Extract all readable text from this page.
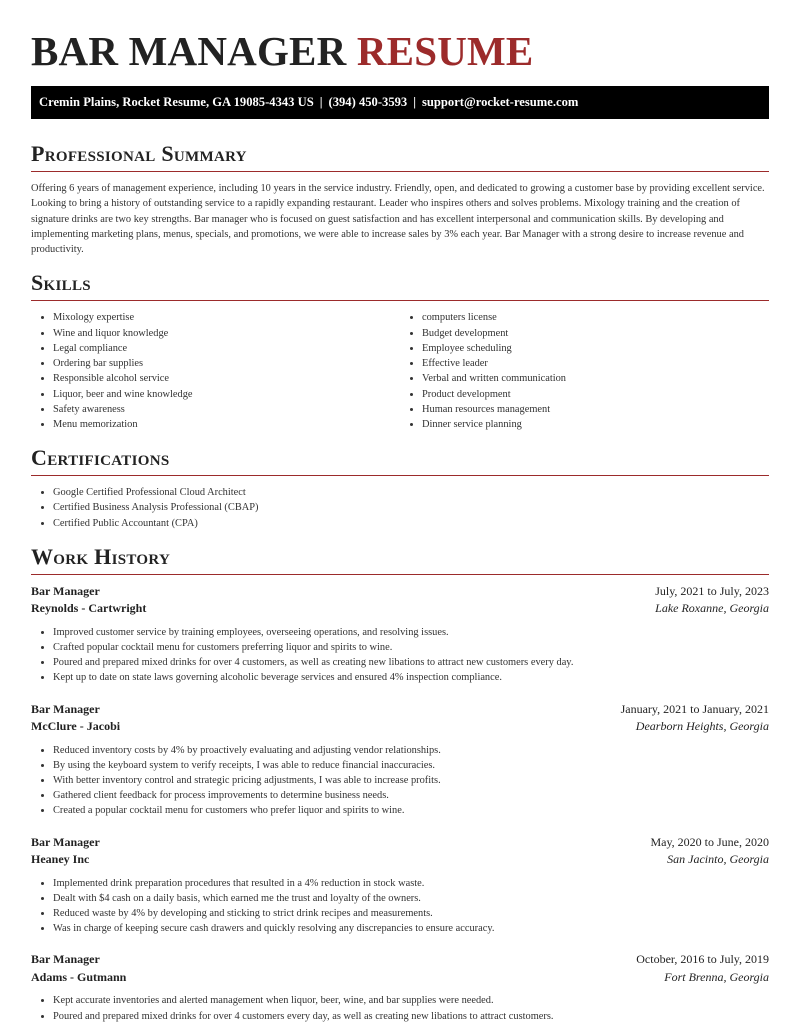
BAR MANAGER RESUME
Cremin Plains, Rocket Resume, GA 19085-4343 US | (394) 450-3593 | support@rocket-resume.com
Professional Summary

Offering 6 years of management experience, including 10 years in the service industry. Friendly, open, and dedicated to growing a customer base by providing excellent service. Looking to bring a history of outstanding service to a rapidly expanding restaurant. Leader who inspires others and solves problems. Mixology training and the creation of signature drinks are two key strengths. Bar manager who is focused on guest satisfaction and has excellent interpersonal and communication skills. By developing and implementing marketing plans, menus, specials, and promotions, we were able to increase sales by 3% each year. Bar Manager with a strong desire to increase revenue and productivity.

Skills
• Mixology expertise
• Wine and liquor knowledge
• Legal compliance
• Ordering bar supplies
• Responsible alcohol service
• Liquor, beer and wine knowledge
• Safety awareness
• Menu memorization
• computers license
• Budget development
• Employee scheduling
• Effective leader
• Verbal and written communication
• Product development
• Human resources management
• Dinner service planning
Certifications
• Google Certified Professional Cloud Architect
• Certified Business Analysis Professional (CBAP)
• Certified Public Accountant (CPA)
Work History
Bar Manager	July, 2021 to July, 2023
Reynolds - Cartwright	Lake Roxanne, Georgia
• Improved customer service by training employees, overseeing operations, and resolving issues.
• Crafted popular cocktail menu for customers preferring liquor and spirits to wine.
• Poured and prepared mixed drinks for over 4 customers, as well as creating new libations to attract new customers every day.
• Kept up to date on state laws governing alcoholic beverage services and ensured 4% inspection compliance.
Bar Manager	January, 2021 to January, 2021
McClure - Jacobi	Dearborn Heights, Georgia
• Reduced inventory costs by 4% by proactively evaluating and adjusting vendor relationships.
• By using the keyboard system to verify receipts, I was able to reduce financial inaccuracies.
• With better inventory control and strategic pricing adjustments, I was able to increase profits.
• Gathered client feedback for process improvements to determine business needs.
• Created a popular cocktail menu for customers who prefer liquor and spirits to wine.
Bar Manager	May, 2020 to June, 2020
Heaney Inc	San Jacinto, Georgia
• Implemented drink preparation procedures that resulted in a 4% reduction in stock waste.
• Dealt with $4 cash on a daily basis, which earned me the trust and loyalty of the owners.
• Reduced waste by 4% by developing and sticking to strict drink recipes and measurements.
• Was in charge of keeping secure cash drawers and quickly resolving any discrepancies to ensure accuracy.
Bar Manager	October, 2016 to July, 2019
Adams - Gutmann	Fort Brenna, Georgia
• Kept accurate inventories and alerted management when liquor, beer, wine, and bar supplies were needed.
• Poured and prepared mixed drinks for over 4 customers every day, as well as creating new libations to attract customers.
